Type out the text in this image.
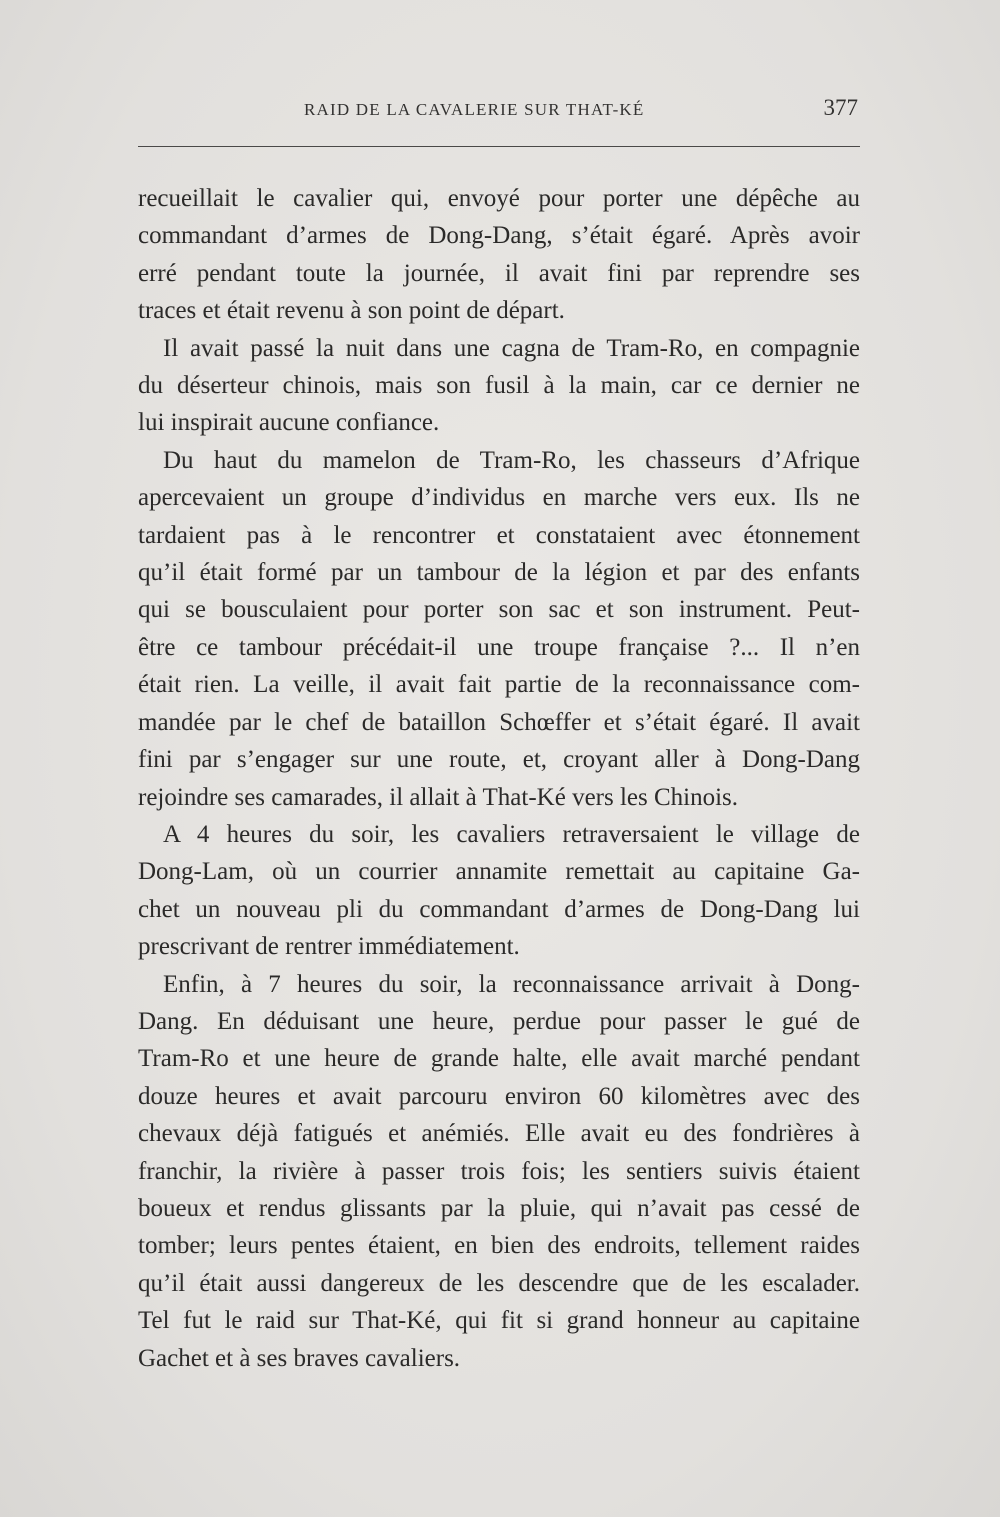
RAID DE LA CAVALERIE SUR THAT-KÉ	377
recueillait le cavalier qui, envoyé pour porter une dépêche au
commandant d’armes de Dong-Dang, s’était égaré. Après avoir
erré pendant toute la journée, il avait fini par reprendre ses
traces et était revenu à son point de départ.
Il avait passé la nuit dans une cagna de Tram-Ro, en compagnie
du déserteur chinois, mais son fusil à la main, car ce dernier ne
lui inspirait aucune confiance.
Du haut du mamelon de Tram-Ro, les chasseurs d’Afrique
apercevaient un groupe d’individus en marche vers eux. Ils ne
tardaient pas à le rencontrer et constataient avec étonnement
qu’il était formé par un tambour de la légion et par des enfants
qui se bousculaient pour porter son sac et son instrument. Peut-
être ce tambour précédait-il une troupe française ?... Il n’en
était rien. La veille, il avait fait partie de la reconnaissance com-
mandée par le chef de bataillon Schœffer et s’était égaré. Il avait
fini par s’engager sur une route, et, croyant aller à Dong-Dang
rejoindre ses camarades, il allait à That-Ké vers les Chinois.
A 4 heures du soir, les cavaliers retraversaient le village de
Dong-Lam, où un courrier annamite remettait au capitaine Ga-
chet un nouveau pli du commandant d’armes de Dong-Dang lui
prescrivant de rentrer immédiatement.
Enfin, à 7 heures du soir, la reconnaissance arrivait à Dong-
Dang. En déduisant une heure, perdue pour passer le gué de
Tram-Ro et une heure de grande halte, elle avait marché pendant
douze heures et avait parcouru environ 60 kilomètres avec des
chevaux déjà fatigués et anémiés. Elle avait eu des fondrières à
franchir, la rivière à passer trois fois; les sentiers suivis étaient
boueux et rendus glissants par la pluie, qui n’avait pas cessé de
tomber; leurs pentes étaient, en bien des endroits, tellement raides
qu’il était aussi dangereux de les descendre que de les escalader.
Tel fut le raid sur That-Ké, qui fit si grand honneur au capitaine
Gachet et à ses braves cavaliers.
